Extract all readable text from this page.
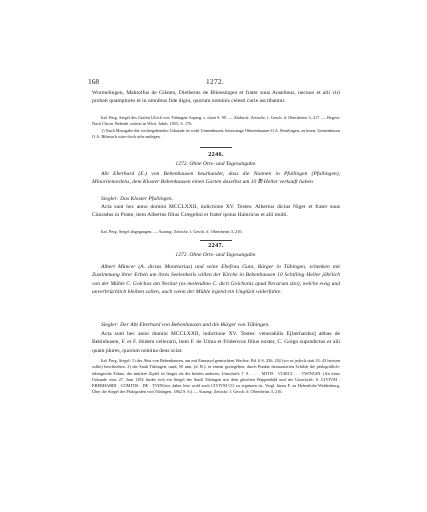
168	1272.

Wurmelingen, Mahtolfus de Gilsten, Dietherus de Bliensingen et frater suus Anselmus, necnon et alii viri probati quamplures et in omnibus fide digni, quorum nominis celesti curie ascribantur.

Ital. Perg. Siegel des Grafen Ulrich von Tübingen-Asperg; s. oben S. 99. — Abdruck: Zeitschr. f. Gesch. d. Oberrheins 3, 217. — Regest: Nach Chron. Bebenh. zuletzt in Wirtt. Jahrb. 1855, S. 176.

1) Nach Mossgabe der vorhergehenden Urkunde ist wohl Unmenhusen, heutzutage Ohmenhausen O.A. Reutlingen, zu lesen; Unmenhusen O.A. Biberach wäre doch sehr entlegen.

2246.
1272. Ohne Orts- und Tagesangabe.

Abt Eberhard (E.) von Bebenhausen beurkundet, dass die Nonnen in Pfullingen (Pfullingen), Minoritenordens, dem Kloster Bebenhausen einen Garten daselbst um 10 ℔ Heller verkauft haben.

Siegler: Das Kloster Pfullingen.

Acta sunt hec anno domini MCCLXXII, indictione XV. Testes: Albertus dictus Niger et frater suus Cūnradus in Ponte, item Albertus filius Crægelini et frater ipsius Hainricus et alii multi.

Ital. Perg. Siegel abgegangen. — Auszug: Zeitschr. f. Gesch. d. Oberrheins 3, 216.

2247.
1272. Ohne Orts- und Tagesangabe.

Albert Müncer (A. dictus Monetarius) und seine Ehefrau Guta, Bürger in Tübingen, schenken mit Zustimmung ihrer Erben um ihres Seelenheils willen der Kirche in Bebenhausen 10 Schilling Heller jährlich von der Mühle C. Golchos am Neckar (ex molendino C. dicti Golchonis apud Necarum sito), welche ewig und unverbrüchlich bleiben sollen, auch wenn der Mühle irgend ein Unglück widerfahre.

Siegler: Der Abt Eberhard von Bebenhausen und die Bürger von Tübingen.

Acta sunt hec anno domini MCCLXXII, indictione XV. Testes: venerabilis E[berhardus] abbas de Bebinhusen, F. et F. ibidem cellerarii, item F. de Ulma et Fridericus filius noster, C. Golgo supradictus et alii quam plures, quorum nomina deus sciat.

Ital. Perg. Siegel: 1) des Abts von Bebenhausen, am mit Einmayd gemischten Wachse, Bd. 6 S. 256, 292 (wo es jedoch statt 33: 43 heissen sollte) beschrieben. 2) der Stadt Tübingen, rund, 50 mm, (d. B.): in einem gesiegelten, durch Punkte damaszierten Schilde die pfalzgräflich-tübingische Fahne, der mittlere Zipfel ist länger als die beiden anderen; Umschrift: † S. . . . . MITIS . VLRICI . . . TWINGIN. (An einer Urkunde vom 27. Juni 1292 findet sich ein Siegel der Stadt Tübingen mit dem gleichen Wappenbild und der Umschrift: S. CIVIVM . EBERHARDI . COMITIS . DE . TVINGen, daher hier wohl auch CIVIVM CO zu ergänzen ist. Vergl. hiezu F. zu Hohenlohe-Waldenburg, Über die Siegel der Pfalzgrafen von Tübingen, 1862 S. 6.) — Auszug: Zeitschr. f. Gesch. d. Oberrheins 3, 216.
